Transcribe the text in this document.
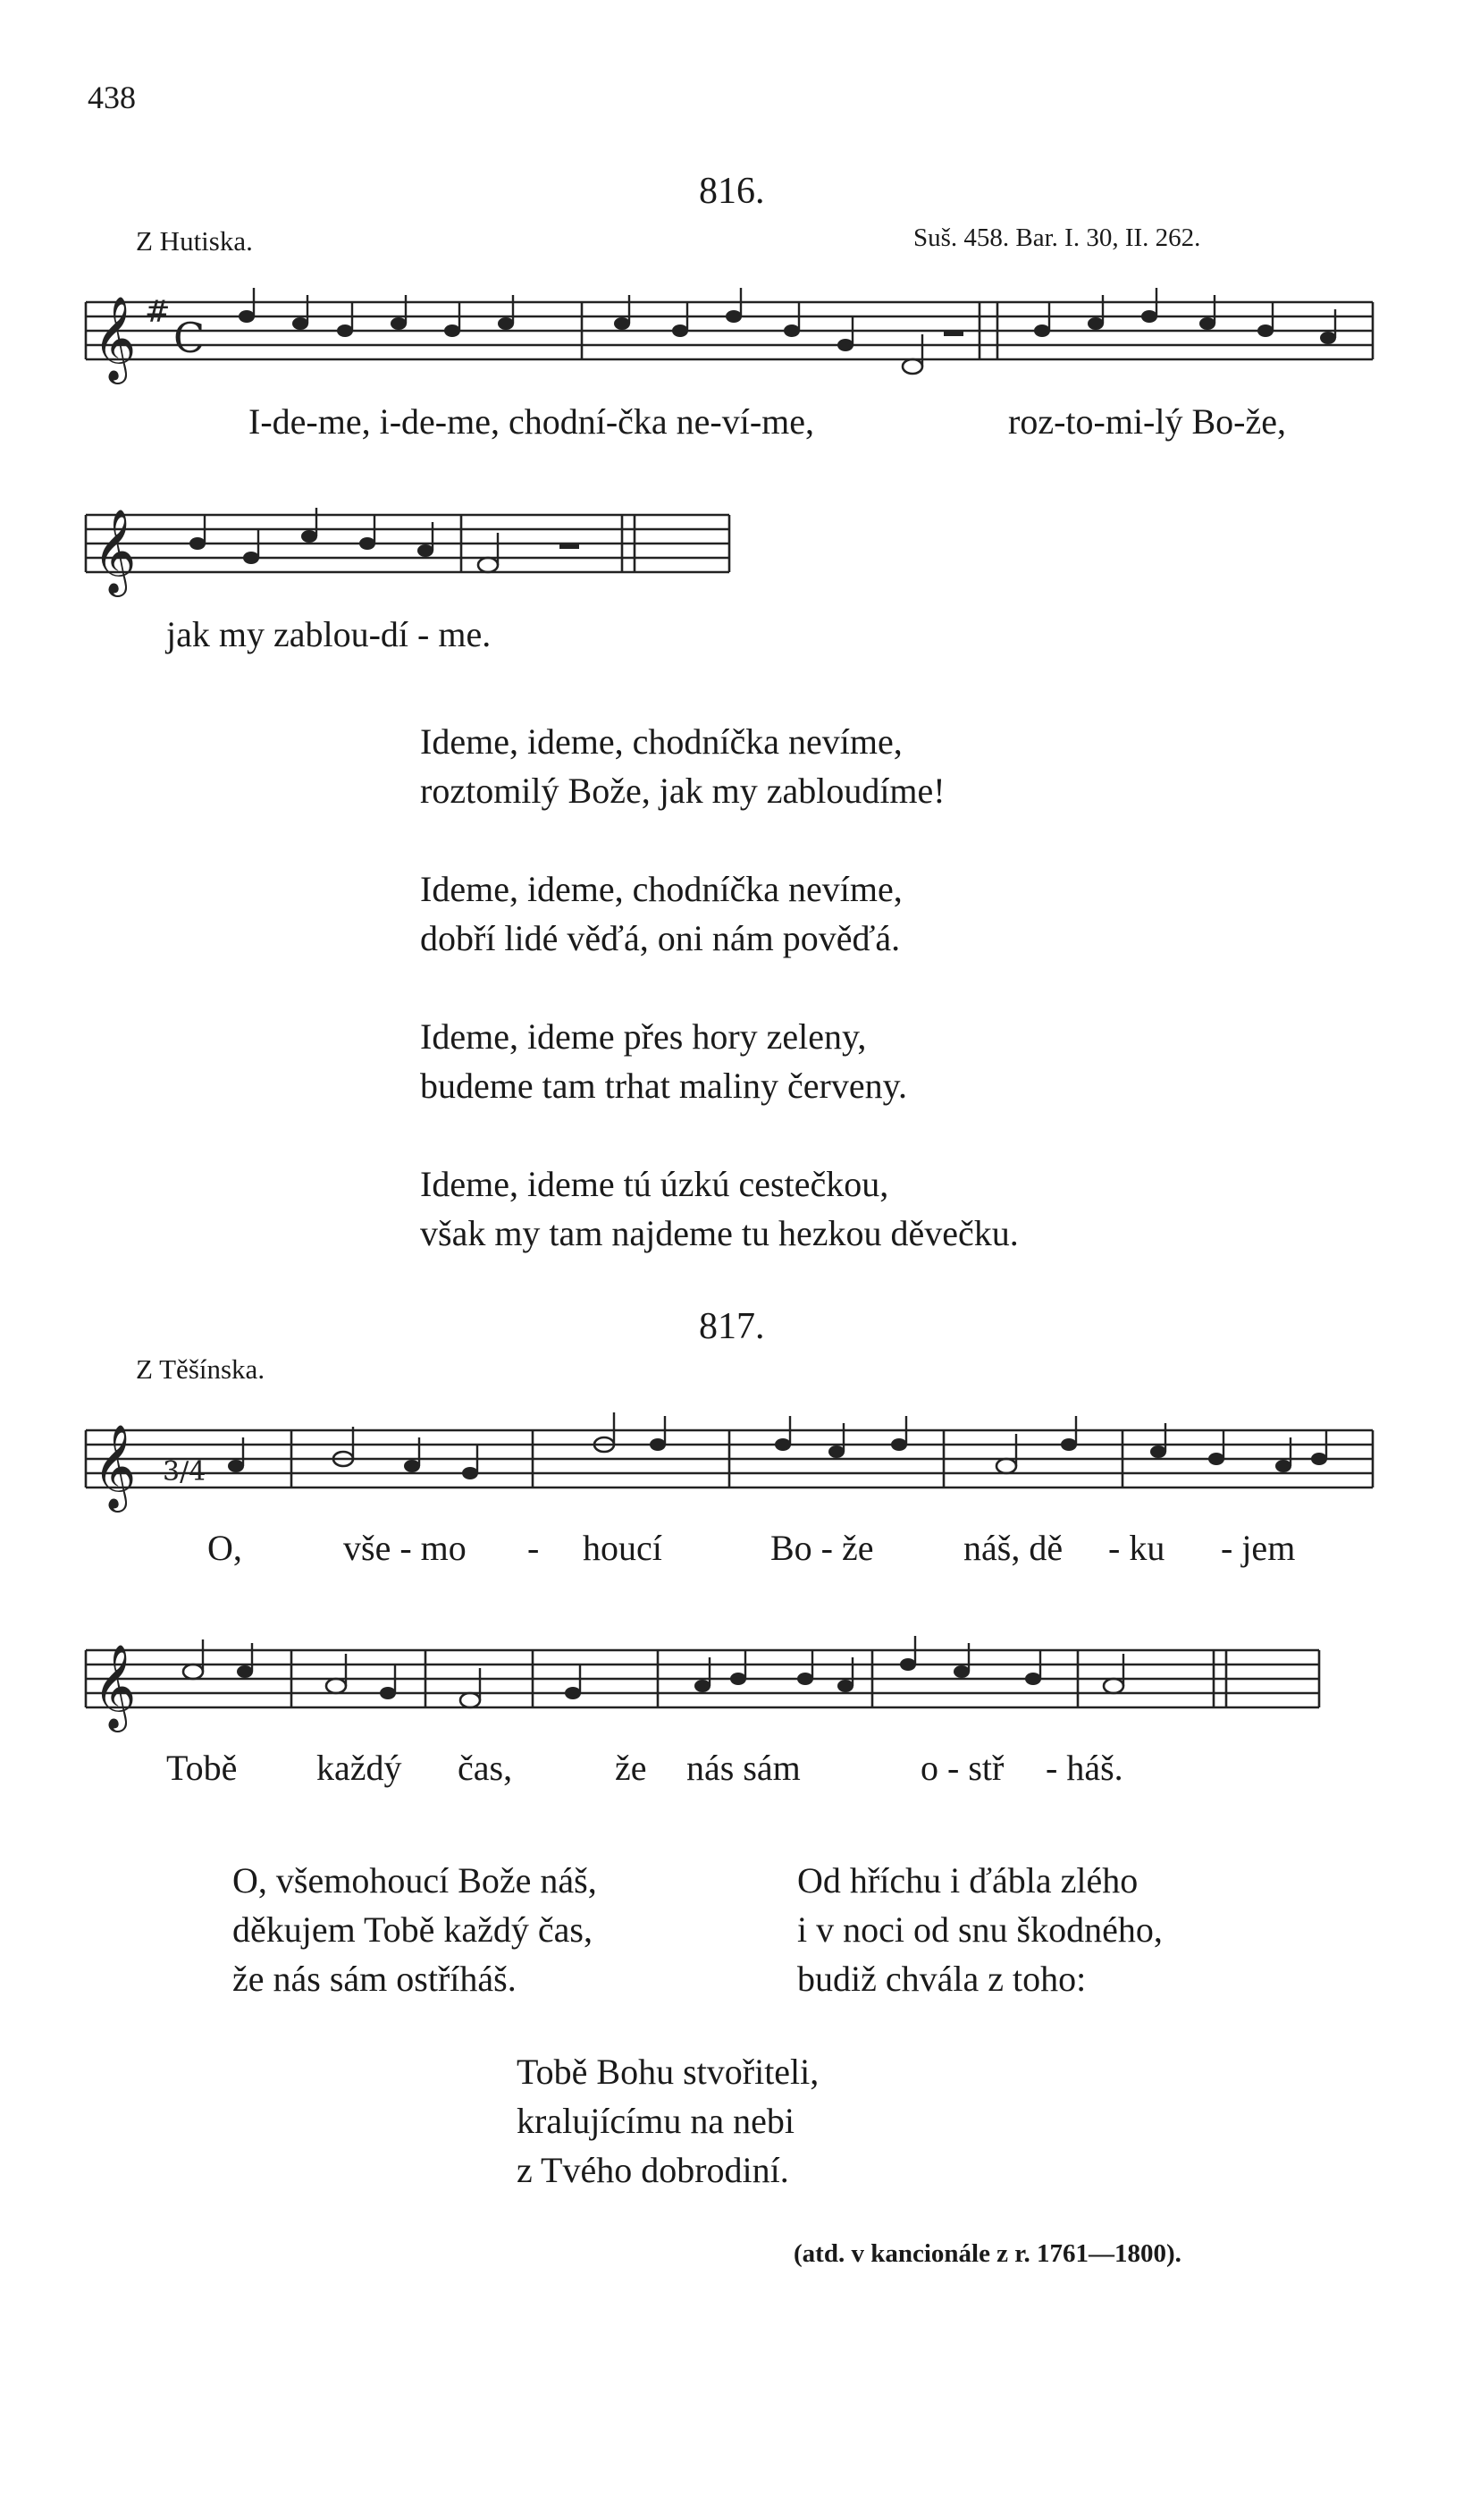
438
816.
Z Hutiska.	Suš. 458. Bar. I. 30, II. 262.
𝄞 #
C
I-de-me, i-de-me, chodní-čka ne-ví-me,	roz-to-mi-lý Bo-že,
𝄞
jak my zablou-dí - me.
Ideme, ideme, chodníčka nevíme,
roztomilý Bože, jak my zabloudíme!
Ideme, ideme, chodníčka nevíme,
dobří lidé věďá, oni nám pověďá.
Ideme, ideme přes hory zeleny,
budeme tam trhat maliny červeny.
Ideme, ideme tú úzkú cestečkou,
však my tam najdeme tu hezkou děvečku.
817.
Z Těšínska.
𝄞 3/4
O,	vše - mo - houcí	Bo - že	náš, dě - ku - jem
𝄞
Tobě každý čas,	že nás sám	o - stř - háš.
O, všemohoucí Bože náš,
děkujem Tobě každý čas,
že nás sám ostříháš.
Od hříchu i ďábla zlého
i v noci od snu škodného,
budiž chvála z toho:
Tobě Bohu stvořiteli,
kralujícímu na nebi
z Tvého dobrodiní.
(atd. v kancionále z r. 1761—1800).
